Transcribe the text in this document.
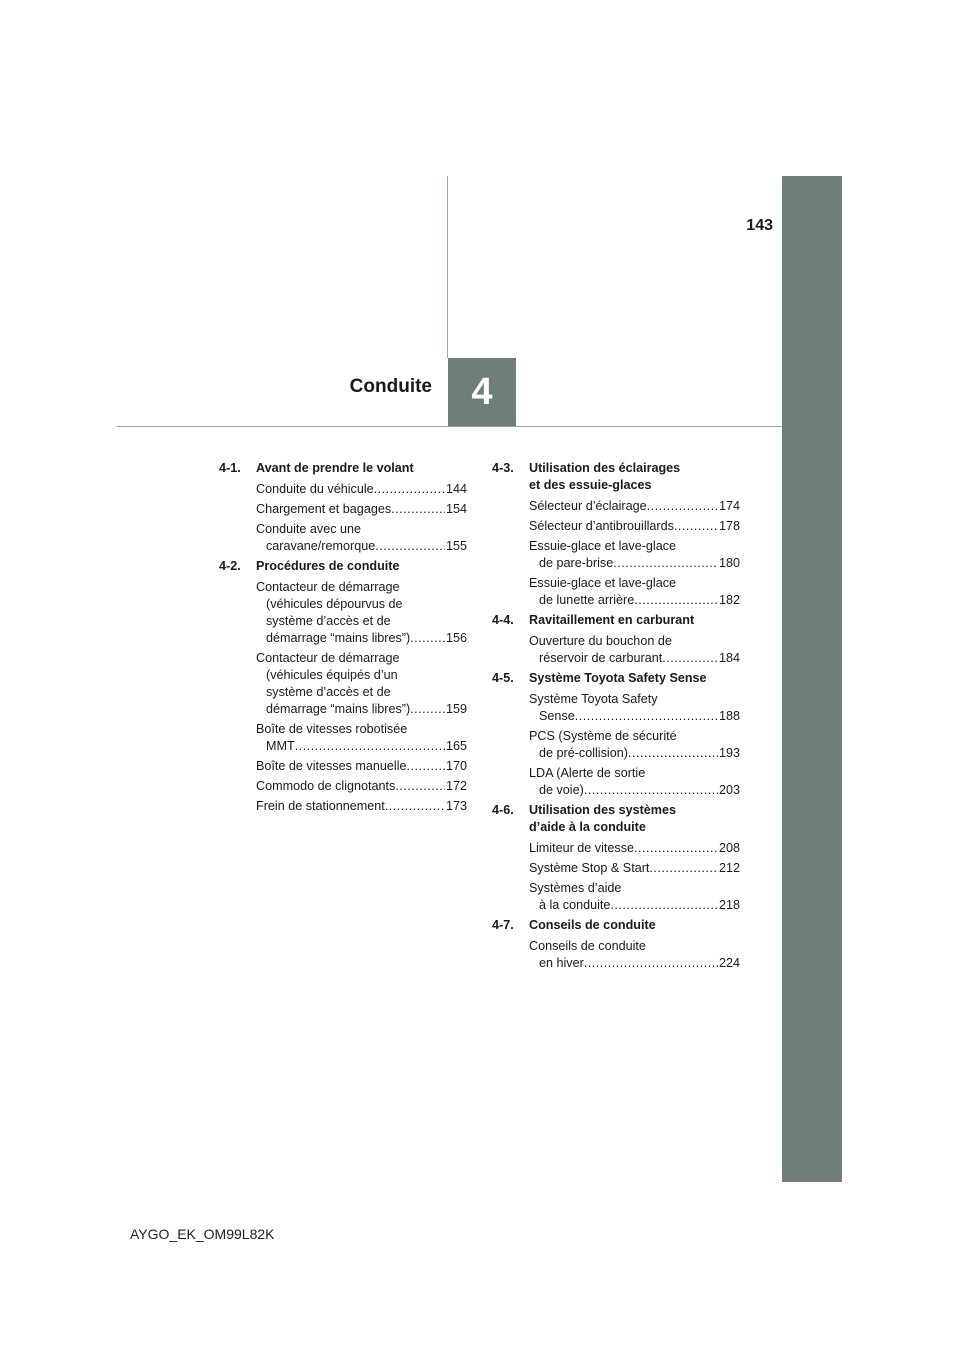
143
Conduite	4
4-1.	Avant de prendre le volant
Conduite du véhicule .....	144
Chargement et bagages .....	154
Conduite avec une
caravane/remorque .....	155
4-2.	Procédures de conduite
Contacteur de démarrage
(véhicules dépourvus de
système d’accès et de
démarrage “mains libres”) .....	156
Contacteur de démarrage
(véhicules équipés d’un
système d’accès et de
démarrage “mains libres”) .....	159
Boîte de vitesses robotisée
MMT .....	165
Boîte de vitesses manuelle .....	170
Commodo de clignotants .....	172
Frein de stationnement .....	173
4-3.	Utilisation des éclairages
et des essuie-glaces
Sélecteur d’éclairage .....	174
Sélecteur d’antibrouillards .....	178
Essuie-glace et lave-glace
de pare-brise .....	180
Essuie-glace et lave-glace
de lunette arrière .....	182
4-4.	Ravitaillement en carburant
Ouverture du bouchon de
réservoir de carburant .....	184
4-5.	Système Toyota Safety Sense
Système Toyota Safety
Sense .....	188
PCS (Système de sécurité
de pré-collision) .....	193
LDA (Alerte de sortie
de voie) .....	203
4-6.	Utilisation des systèmes
d’aide à la conduite
Limiteur de vitesse .....	208
Système Stop & Start .....	212
Systèmes d’aide
à la conduite .....	218
4-7.	Conseils de conduite
Conseils de conduite
en hiver .....	224
AYGO_EK_OM99L82K
